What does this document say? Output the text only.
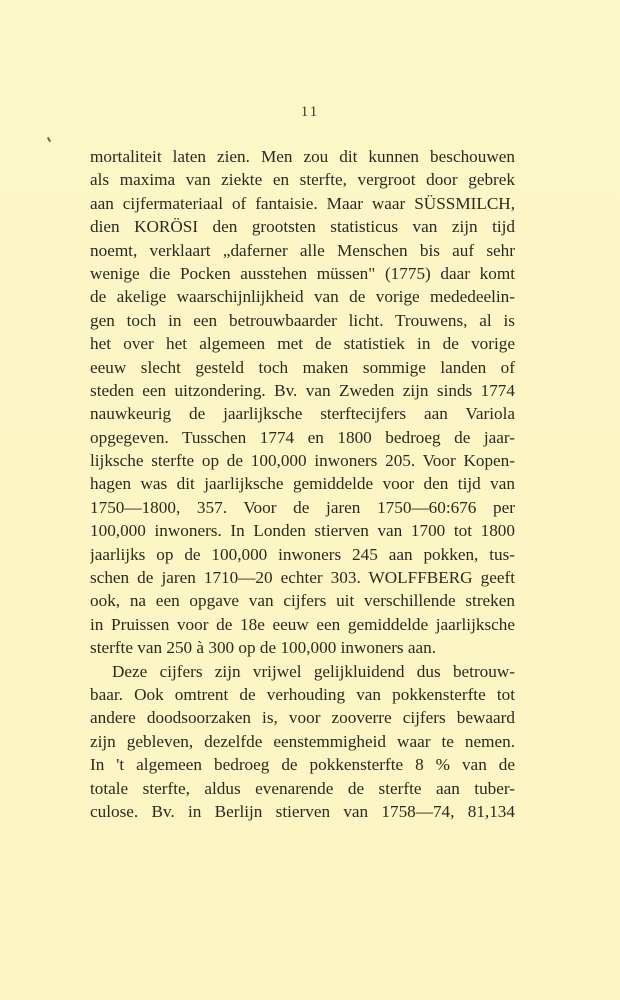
11
mortaliteit laten zien. Men zou dit kunnen beschouwen
als maxima van ziekte en sterfte, vergroot door gebrek
aan cijfermateriaal of fantaisie. Maar waar SÜSSMILCH,
dien KORÖSI den grootsten statisticus van zijn tijd
noemt, verklaart „daferner alle Menschen bis auf sehr
wenige die Pocken ausstehen müssen" (1775) daar komt
de akelige waarschijnlijkheid van de vorige mededeelin-
gen toch in een betrouwbaarder licht. Trouwens, al is
het over het algemeen met de statistiek in de vorige
eeuw slecht gesteld toch maken sommige landen of
steden een uitzondering. Bv. van Zweden zijn sinds 1774
nauwkeurig de jaarlijksche sterftecijfers aan Variola
opgegeven. Tusschen 1774 en 1800 bedroeg de jaar-
lijksche sterfte op de 100,000 inwoners 205. Voor Kopen-
hagen was dit jaarlijksche gemiddelde voor den tijd van
1750—1800, 357. Voor de jaren 1750—60:676 per
100,000 inwoners. In Londen stierven van 1700 tot 1800
jaarlijks op de 100,000 inwoners 245 aan pokken, tus-
schen de jaren 1710—20 echter 303. WOLFFBERG geeft
ook, na een opgave van cijfers uit verschillende streken
in Pruissen voor de 18e eeuw een gemiddelde jaarlijksche
sterfte van 250 à 300 op de 100,000 inwoners aan.
Deze cijfers zijn vrijwel gelijkluidend dus betrouw-
baar. Ook omtrent de verhouding van pokkensterfte tot
andere doodsoorzaken is, voor zooverre cijfers bewaard
zijn gebleven, dezelfde eenstemmigheid waar te nemen.
In 't algemeen bedroeg de pokkensterfte 8 % van de
totale sterfte, aldus evenarende de sterfte aan tuber-
culose. Bv. in Berlijn stierven van 1758—74, 81,134
